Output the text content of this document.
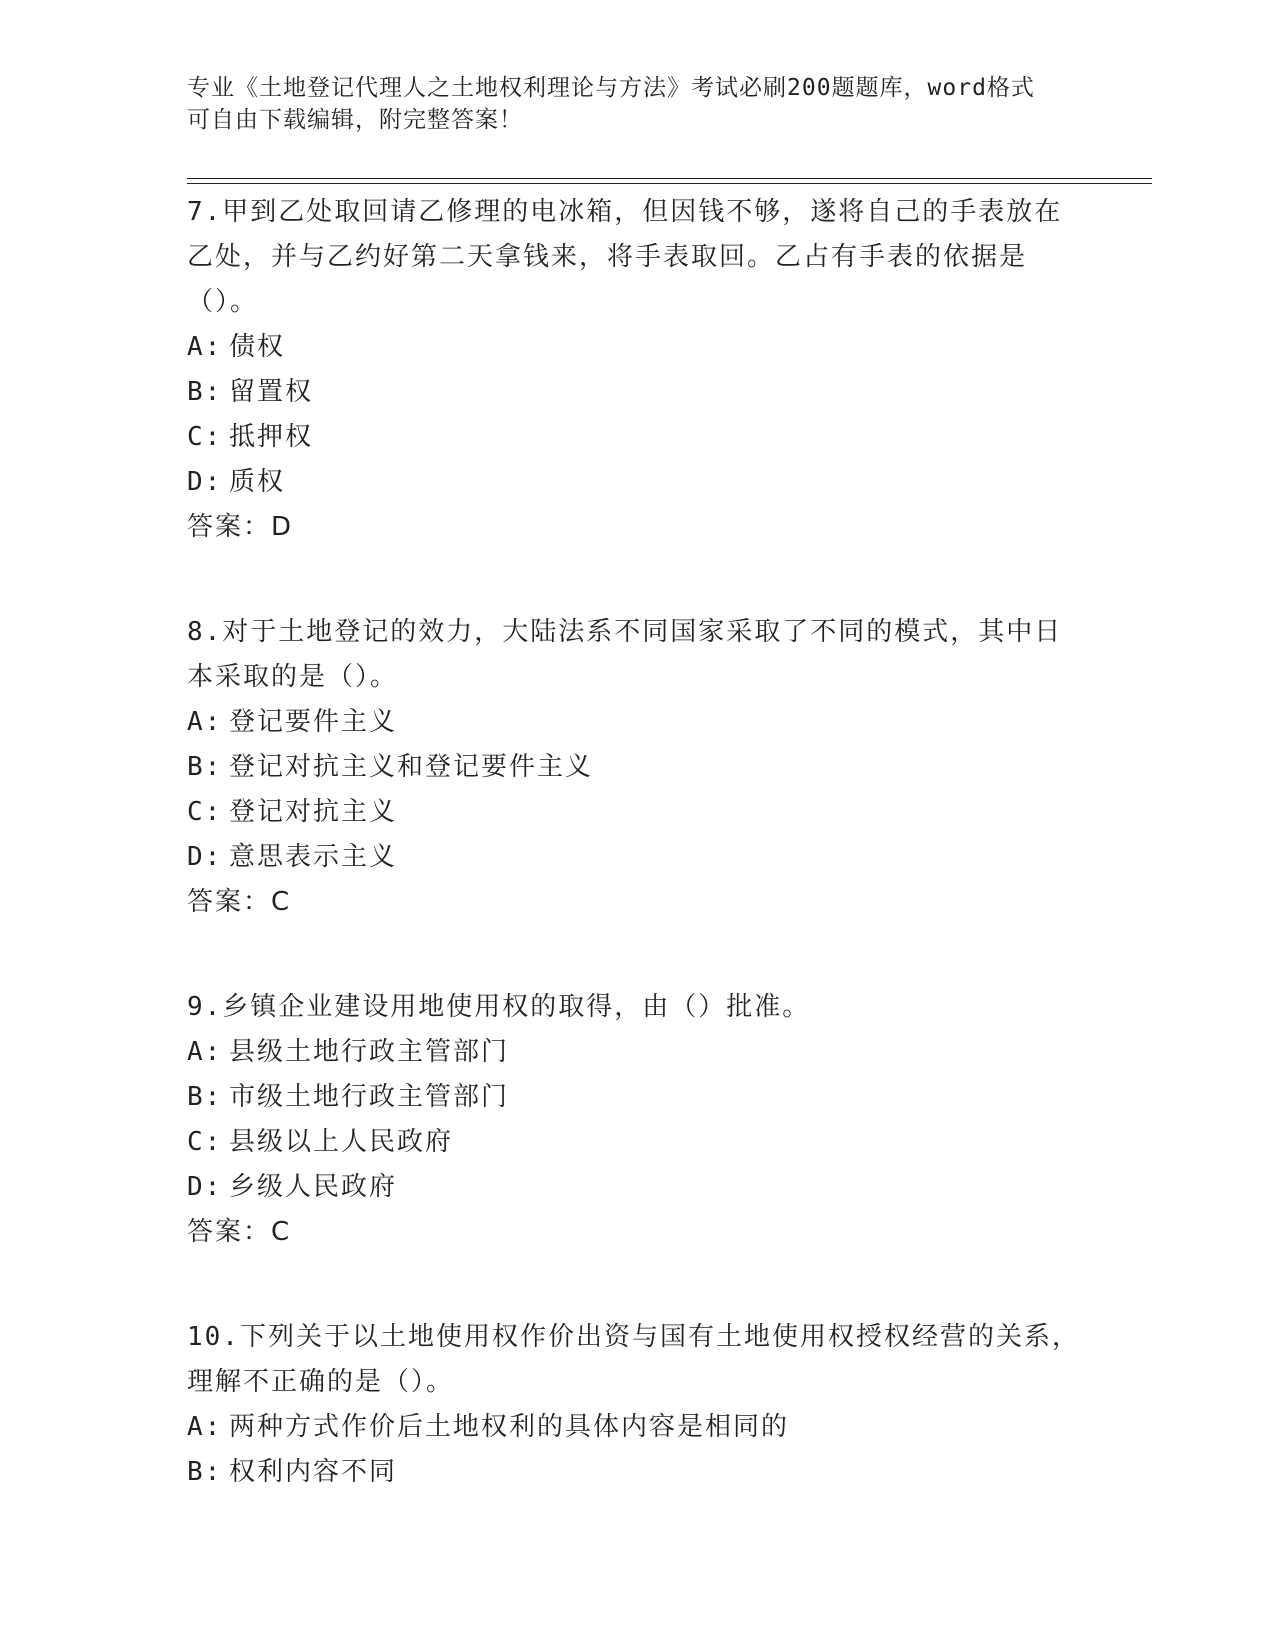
专业《土地登记代理人之土地权利理论与方法》考试必刷200题题库，word格式
可自由下载编辑，附完整答案！

7.甲到乙处取回请乙修理的电冰箱，但因钱不够，遂将自己的手表放在乙处，并与乙约好第二天拿钱来，将手表取回。乙占有手表的依据是（）。

A: 债权

B: 留置权

C: 抵押权

D: 质权

答案：D

8.对于土地登记的效力，大陆法系不同国家采取了不同的模式，其中日本采取的是（）。

A: 登记要件主义

B: 登记对抗主义和登记要件主义

C: 登记对抗主义

D: 意思表示主义

答案：C

9.乡镇企业建设用地使用权的取得，由（）批准。

A: 县级土地行政主管部门

B: 市级土地行政主管部门

C: 县级以上人民政府

D: 乡级人民政府

答案：C

10.下列关于以土地使用权作价出资与国有土地使用权授权经营的关系，理解不正确的是（）。

A: 两种方式作价后土地权利的具体内容是相同的

B: 权利内容不同
